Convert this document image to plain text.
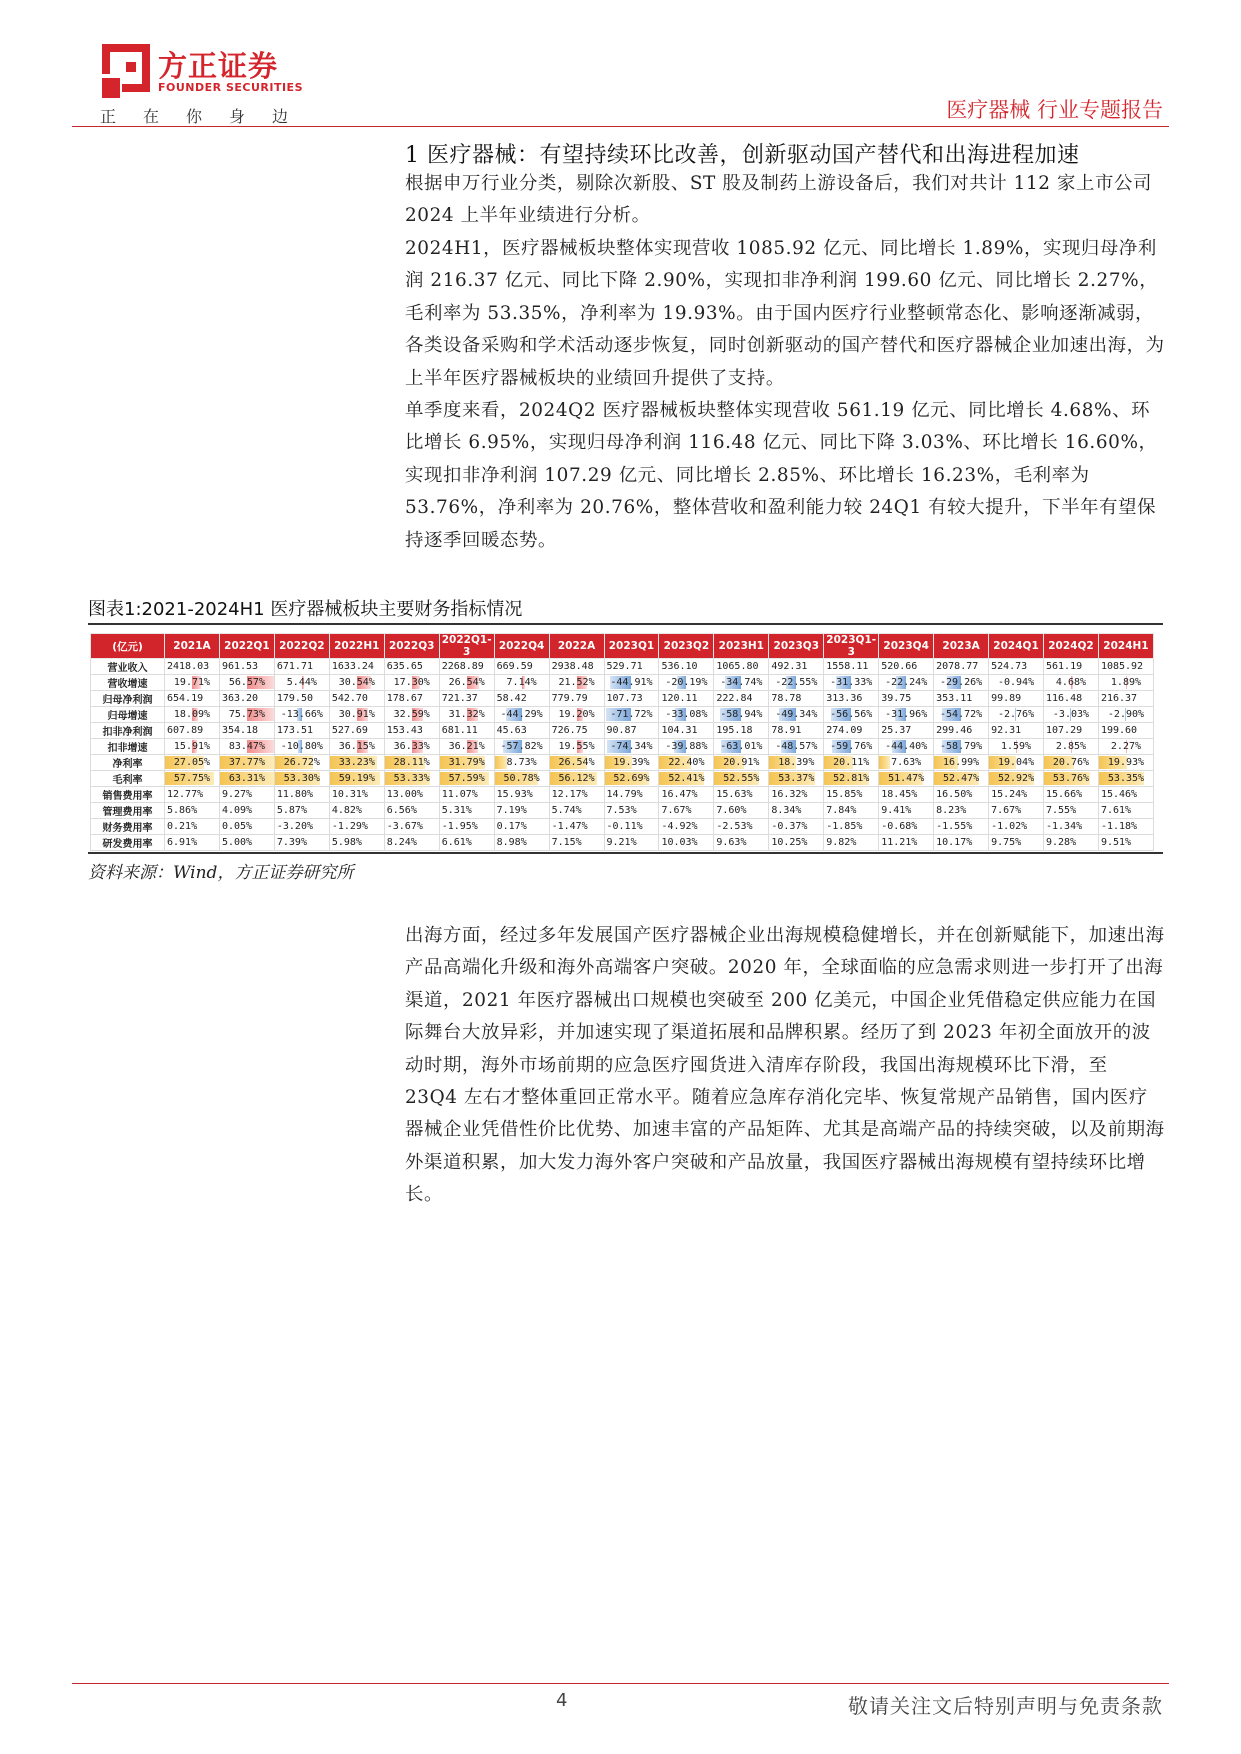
方正证券
FOUNDER SECURITIES
正在你身边	医疗器械 行业专题报告
1 医疗器械：有望持续环比改善，创新驱动国产替代和出海进程加速

根据申万行业分类，剔除次新股、ST 股及制药上游设备后，我们对共计 112 家上市公司 2024 上半年业绩进行分析。

2024H1，医疗器械板块整体实现营收 1085.92 亿元、同比增长 1.89%，实现归母净利润 216.37 亿元、同比下降 2.90%，实现扣非净利润 199.60 亿元、同比增长 2.27%，毛利率为 53.35%，净利率为 19.93%。由于国内医疗行业整顿常态化、影响逐渐减弱，各类设备采购和学术活动逐步恢复，同时创新驱动的国产替代和医疗器械企业加速出海，为上半年医疗器械板块的业绩回升提供了支持。

单季度来看，2024Q2 医疗器械板块整体实现营收 561.19 亿元、同比增长 4.68%、环比增长 6.95%，实现归母净利润 116.48 亿元、同比下降 3.03%、环比增长 16.60%，实现扣非净利润 107.29 亿元、同比增长 2.85%、环比增长 16.23%，毛利率为 53.76%，净利率为 20.76%，整体营收和盈利能力较 24Q1 有较大提升，下半年有望保持逐季回暖态势。

图表1:2021-2024H1 医疗器械板块主要财务指标情况
(亿元)	2021A	2022Q1	2022Q2	2022H1	2022Q3	2022Q1-3	2022Q4	2022A	2023Q1	2023Q2	2023H1	2023Q3	2023Q1-3	2023Q4	2023A	2024Q1	2024Q2	2024H1
营业收入	2418.03	961.53	671.71	1633.24	635.65	2268.89	669.59	2938.48	529.71	536.10	1065.80	492.31	1558.11	520.66	2078.77	524.73	561.19	1085.92
营收增速	19.71%	56.57%	5.44%	30.54%	17.30%	26.54%	7.14%	21.52%	-44.91%	-20.19%	-34.74%	-22.55%	-31.33%	-22.24%	-29.26%	-0.94%	4.68%	1.89%

归母净利润	654.19	363.20	179.50	542.70	178.67	721.37	58.42	779.79	107.73	120.11	222.84	78.78	313.36	39.75	353.11	99.89	116.48	216.37
归母增速	18.09%	75.73%	-13.66%	30.91%	32.59%	31.32%	-44.29%	19.20%	-71.72%	-33.08%	-58.94%	-49.34%	-56.56%	-31.96%	-54.72%	-2.76%	-3.03%	-2.90%

扣非净利润	607.89	354.18	173.51	527.69	153.43	681.11	45.63	726.75	90.87	104.31	195.18	78.91	274.09	25.37	299.46	92.31	107.29	199.60
扣非增速	15.91%	83.47%	-10.80%	36.15%	36.33%	36.21%	-57.82%	19.55%	-74.34%	-39.88%	-63.01%	-48.57%	-59.76%	-44.40%	-58.79%	1.59%	2.85%	2.27%

净利率	27.05%	37.77%	26.72%	33.23%	28.11%	31.79%	8.73%	26.54%	19.39%	22.40%	20.91%	18.39%	20.11%	7.63%	16.99%	19.04%	20.76%	19.93%

毛利率	57.75%	63.31%	53.30%	59.19%	53.33%	57.59%	50.78%	56.12%	52.69%	52.41%	52.55%	53.37%	52.81%	51.47%	52.47%	52.92%	53.76%	53.35%

销售费用率	12.77%	9.27%	11.80%	10.31%	13.00%	11.07%	15.93%	12.17%	14.79%	16.47%	15.63%	16.32%	15.85%	18.45%	16.50%	15.24%	15.66%	15.46%
管理费用率	5.86%	4.09%	5.87%	4.82%	6.56%	5.31%	7.19%	5.74%	7.53%	7.67%	7.60%	8.34%	7.84%	9.41%	8.23%	7.67%	7.55%	7.61%
财务费用率	0.21%	0.05%	-3.20%	-1.29%	-3.67%	-1.95%	0.17%	-1.47%	-0.11%	-4.92%	-2.53%	-0.37%	-1.85%	-0.68%	-1.55%	-1.02%	-1.34%	-1.18%
研发费用率	6.91%	5.00%	7.39%	5.98%	8.24%	6.61%	8.98%	7.15%	9.21%	10.03%	9.63%	10.25%	9.82%	11.21%	10.17%	9.75%	9.28%	9.51%
资料来源：Wind，方正证券研究所

出海方面，经过多年发展国产医疗器械企业出海规模稳健增长，并在创新赋能下，加速出海产品高端化升级和海外高端客户突破。2020 年，全球面临的应急需求则进一步打开了出海渠道，2021 年医疗器械出口规模也突破至 200 亿美元，中国企业凭借稳定供应能力在国际舞台大放异彩，并加速实现了渠道拓展和品牌积累。经历了到 2023 年初全面放开的波动时期，海外市场前期的应急医疗囤货进入清库存阶段，我国出海规模环比下滑，至 23Q4 左右才整体重回正常水平。随着应急库存消化完毕、恢复常规产品销售，国内医疗器械企业凭借性价比优势、加速丰富的产品矩阵、尤其是高端产品的持续突破，以及前期海外渠道积累，加大发力海外客户突破和产品放量，我国医疗器械出海规模有望持续环比增长。

4	敬请关注文后特别声明与免责条款
